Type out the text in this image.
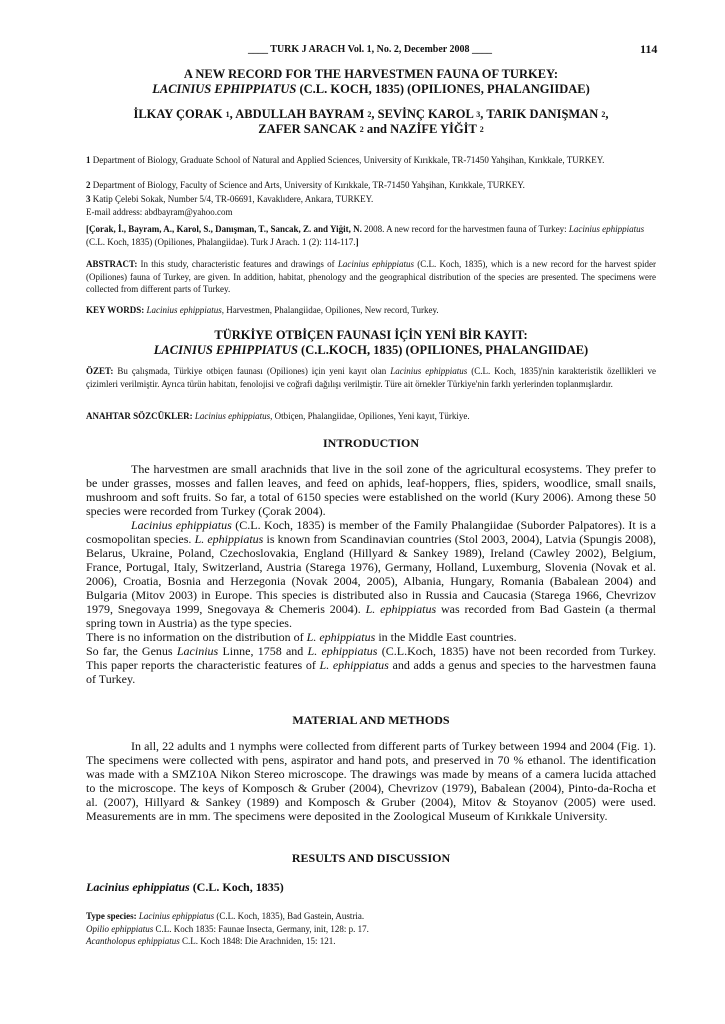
____ TURK J ARACH Vol. 1, No. 2, December 2008 ____	114
A NEW RECORD FOR THE HARVESTMEN FAUNA OF TURKEY:
LACINIUS EPHIPPIATUS (C.L. KOCH, 1835) (OPILIONES, PHALANGIIDAE)
İLKAY ÇORAK $^1$, ABDULLAH BAYRAM $^2$, SEVİNÇ KAROL $^3$, TARIK DANIŞMAN $^2$,
ZAFER SANCAK $^2$ and NAZİFE YİĞİT $^2$
1 Department of Biology, Graduate School of Natural and Applied Sciences, University of Kırıkkale, TR-71450 Yahşihan, Kırıkkale, TURKEY.
2 Department of Biology, Faculty of Science and Arts, University of Kırıkkale, TR-71450 Yahşihan, Kırıkkale, TURKEY.
3 Katip Çelebi Sokak, Number 5/4, TR-06691, Kavaklıdere, Ankara, TURKEY.
E-mail address: abdbayram@yahoo.com
[Çorak, İ., Bayram, A., Karol, S., Danışman, T., Sancak, Z. and Yiğit, N. 2008. A new record for the harvestmen fauna of Turkey: Lacinius ephippiatus (C.L. Koch, 1835) (Opiliones, Phalangiidae). Turk J Arach. 1 (2): 114-117.]
ABSTRACT: In this study, characteristic features and drawings of Lacinius ephippiatus (C.L. Koch, 1835), which is a new record for the harvest spider (Opiliones) fauna of Turkey, are given. In addition, habitat, phenology and the geographical distribution of the species are presented. The specimens were collected from different parts of Turkey.
KEY WORDS: Lacinius ephippiatus, Harvestmen, Phalangiidae, Opiliones, New record, Turkey.
TÜRKİYE OTBİÇEN FAUNASI İÇİN YENİ BİR KAYIT:
LACINIUS EPHIPPIATUS (C.L.KOCH, 1835) (OPILIONES, PHALANGIIDAE)
ÖZET: Bu çalışmada, Türkiye otbiçen faunası (Opiliones) için yeni kayıt olan Lacinius ephippiatus (C.L. Koch, 1835)'nin karakteristik özellikleri ve çizimleri verilmiştir. Ayrıca türün habitatı, fenolojisi ve coğrafi dağılışı verilmiştir. Türe ait örnekler Türkiye'nin farklı yerlerinden toplanmışlardır.
ANAHTAR SÖZCÜKLER: Lacinius ephippiatus, Otbiçen, Phalangiidae, Opiliones, Yeni kayıt, Türkiye.
INTRODUCTION

The harvestmen are small arachnids that live in the soil zone of the agricultural ecosystems. They prefer to be under grasses, mosses and fallen leaves, and feed on aphids, leaf-hoppers, flies, spiders, woodlice, small snails, mushroom and soft fruits. So far, a total of 6150 species were established on the world (Kury 2006). Among these 50 species were recorded from Turkey (Çorak 2004).

Lacinius ephippiatus (C.L. Koch, 1835) is member of the Family Phalangiidae (Suborder Palpatores). It is a cosmopolitan species. L. ephippiatus is known from Scandinavian countries (Stol 2003, 2004), Latvia (Spungis 2008), Belarus, Ukraine, Poland, Czechoslovakia, England (Hillyard & Sankey 1989), Ireland (Cawley 2002), Belgium, France, Portugal, Italy, Switzerland, Austria (Starega 1976), Germany, Holland, Luxemburg, Slovenia (Novak et al. 2006), Croatia, Bosnia and Herzegonia (Novak 2004, 2005), Albania, Hungary, Romania (Babalean 2004) and Bulgaria (Mitov 2003) in Europe. This species is distributed also in Russia and Caucasia (Starega 1966, Chevrizov 1979, Snegovaya 1999, Snegovaya & Chemeris 2004). L. ephippiatus was recorded from Bad Gastein (a thermal spring town in Austria) as the type species.

There is no information on the distribution of L. ephippiatus in the Middle East countries.

So far, the Genus Lacinius Linne, 1758 and L. ephippiatus (C.L.Koch, 1835) have not been recorded from Turkey. This paper reports the characteristic features of L. ephippiatus and adds a genus and species to the harvestmen fauna of Turkey.

MATERIAL AND METHODS

In all, 22 adults and 1 nymphs were collected from different parts of Turkey between 1994 and 2004 (Fig. 1). The specimens were collected with pens, aspirator and hand pots, and preserved in 70 % ethanol. The identification was made with a SMZ10A Nikon Stereo microscope. The drawings was made by means of a camera lucida attached to the microscope. The keys of Komposch & Gruber (2004), Chevrizov (1979), Babalean (2004), Pinto-da-Rocha et al. (2007), Hillyard & Sankey (1989) and Komposch & Gruber (2004), Mitov & Stoyanov (2005) were used. Measurements are in mm. The specimens were deposited in the Zoological Museum of Kırıkkale University.

RESULTS AND DISCUSSION
Lacinius ephippiatus (C.L. Koch, 1835)
Type species: Lacinius ephippiatus (C.L. Koch, 1835), Bad Gastein, Austria.
Opilio ephippiatus C.L. Koch 1835: Faunae Insecta, Germany, init, 128: p. 17.
Acantholopus ephippiatus C.L. Koch 1848: Die Arachniden, 15: 121.
